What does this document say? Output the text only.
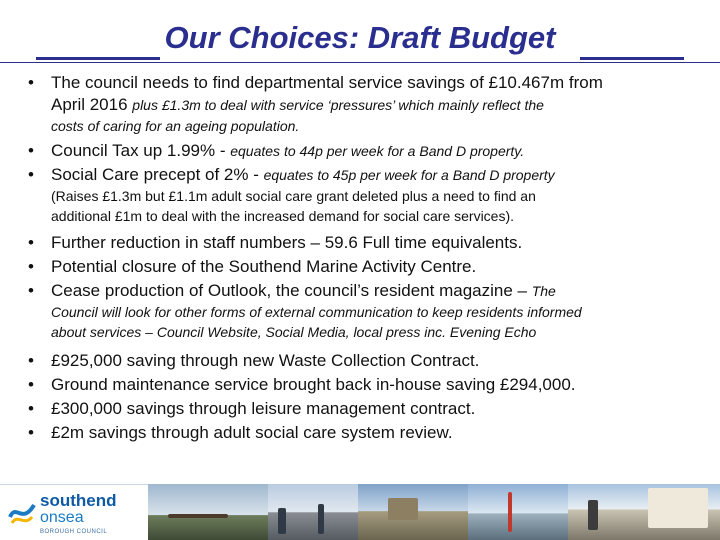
Our Choices: Draft Budget
• The council needs to find departmental service savings of £10.467m from
April 2016 plus £1.3m to deal with service ‘pressures’ which mainly reflect the
costs of caring for an ageing population.
• Council Tax up 1.99% - equates to 44p per week for a Band D property.
• Social Care precept of 2% - equates to 45p per week for a Band D property
(Raises £1.3m but £1.1m adult social care grant deleted plus a need to find an
additional £1m to deal with the increased demand for social care services).
• Further reduction in staff numbers – 59.6 Full time equivalents.
• Potential closure of the Southend Marine Activity Centre.
• Cease production of Outlook, the council’s resident magazine – The
Council will look for other forms of external communication to keep residents informed
about services – Council Website, Social Media, local press inc. Evening Echo
• £925,000 saving through new Waste Collection Contract.
• Ground maintenance service brought back in-house saving £294,000.
• £300,000 savings through leisure management contract.
• £2m savings through adult social care system review.
southend
onsea
BOROUGH COUNCIL
